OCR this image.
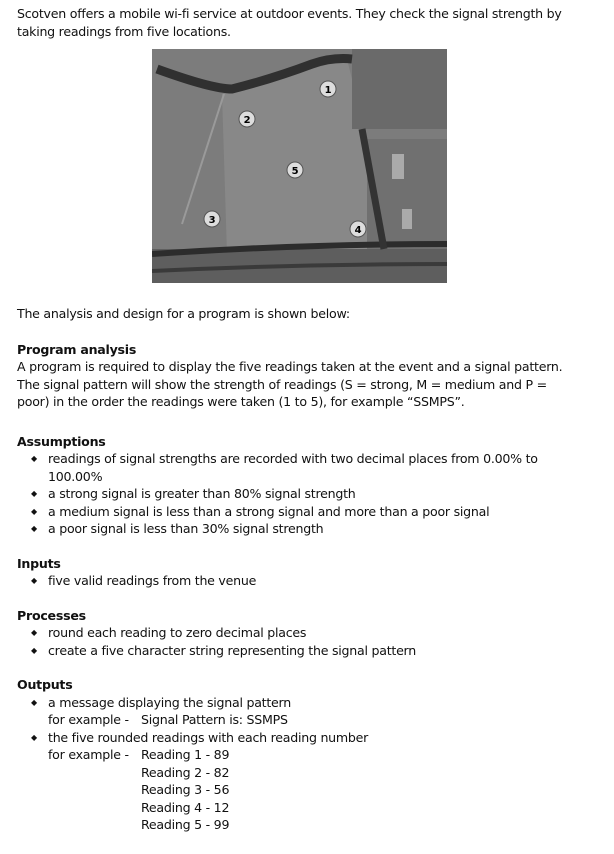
Scotven offers a mobile wi-fi service at outdoor events. They check the signal strength by

taking readings from five locations.

1
2
3
4
5

The analysis and design for a program is shown below:

Program analysis

A program is required to display the five readings taken at the event and a signal pattern.

The signal pattern will show the strength of readings (S = strong, M = medium and P =

poor) in the order the readings were taken (1 to 5), for example “SSMPS”.

Assumptions

◆ readings of signal strengths are recorded with two decimal places from 0.00% to
100.00%
◆ a strong signal is greater than 80% signal strength
◆ a medium signal is less than a strong signal and more than a poor signal
◆ a poor signal is less than 30% signal strength

Inputs

◆ five valid readings from the venue

Processes

◆ round each reading to zero decimal places
◆ create a five character string representing the signal pattern

Outputs

◆ a message displaying the signal pattern
for example - Signal Pattern is: SSMPS
◆ the five rounded readings with each reading number
for example - Reading 1 - 89
Reading 2 - 82
Reading 3 - 56
Reading 4 - 12
Reading 5 - 99
